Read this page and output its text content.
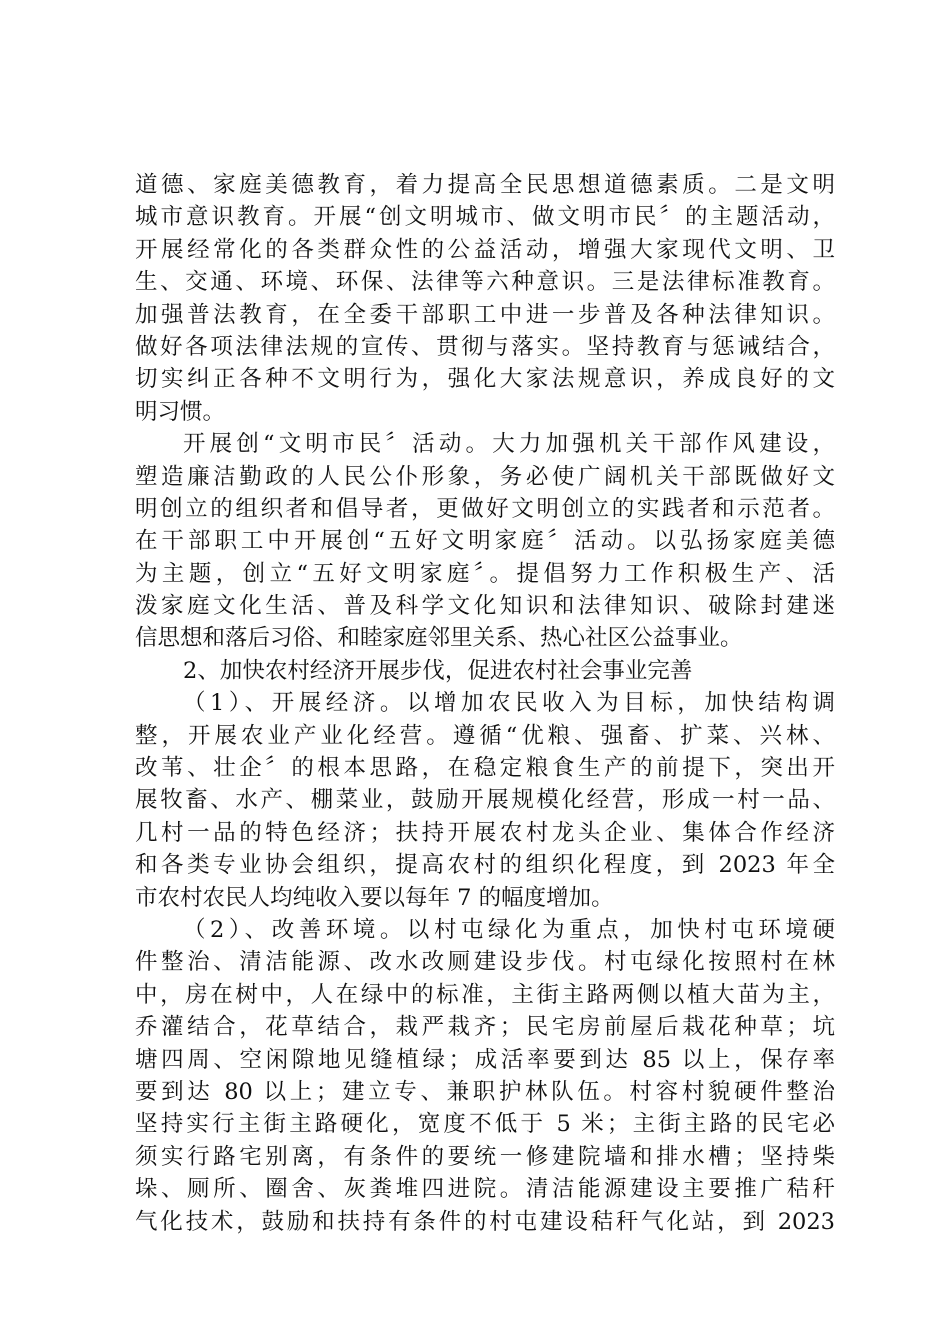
道德、家庭美德教育，着力提高全民思想道德素质。二是文明
城市意识教育。开展“创文明城市、做文明市民〞的主题活动，
开展经常化的各类群众性的公益活动，增强大家现代文明、卫
生、交通、环境、环保、法律等六种意识。三是法律标准教育。
加强普法教育，在全委干部职工中进一步普及各种法律知识。
做好各项法律法规的宣传、贯彻与落实。坚持教育与惩诫结合，
切实纠正各种不文明行为，强化大家法规意识，养成良好的文
明习惯。
开展创“文明市民〞活动。大力加强机关干部作风建设，
塑造廉洁勤政的人民公仆形象，务必使广阔机关干部既做好文
明创立的组织者和倡导者，更做好文明创立的实践者和示范者。
在干部职工中开展创“五好文明家庭〞活动。以弘扬家庭美德
为主题，创立“五好文明家庭〞。提倡努力工作积极生产、活
泼家庭文化生活、普及科学文化知识和法律知识、破除封建迷
信思想和落后习俗、和睦家庭邻里关系、热心社区公益事业。
2、加快农村经济开展步伐，促进农村社会事业完善
（1）、开展经济。以增加农民收入为目标，加快结构调
整，开展农业产业化经营。遵循“优粮、强畜、扩菜、兴林、
改苇、壮企〞的根本思路，在稳定粮食生产的前提下，突出开
展牧畜、水产、棚菜业，鼓励开展规模化经营，形成一村一品、
几村一品的特色经济；扶持开展农村龙头企业、集体合作经济
和各类专业协会组织，提高农村的组织化程度，到 2023 年全
市农村农民人均纯收入要以每年 7 的幅度增加。
（2）、改善环境。以村屯绿化为重点，加快村屯环境硬
件整治、清洁能源、改水改厕建设步伐。村屯绿化按照村在林
中，房在树中，人在绿中的标准，主街主路两侧以植大苗为主，
乔灌结合，花草结合，栽严栽齐；民宅房前屋后栽花种草；坑
塘四周、空闲隙地见缝植绿；成活率要到达 85 以上，保存率
要到达 80 以上；建立专、兼职护林队伍。村容村貌硬件整治
坚持实行主街主路硬化，宽度不低于 5 米；主街主路的民宅必
须实行路宅别离，有条件的要统一修建院墙和排水槽；坚持柴
垛、厕所、圈舍、灰粪堆四进院。清洁能源建设主要推广秸秆
气化技术，鼓励和扶持有条件的村屯建设秸秆气化站，到 2023
